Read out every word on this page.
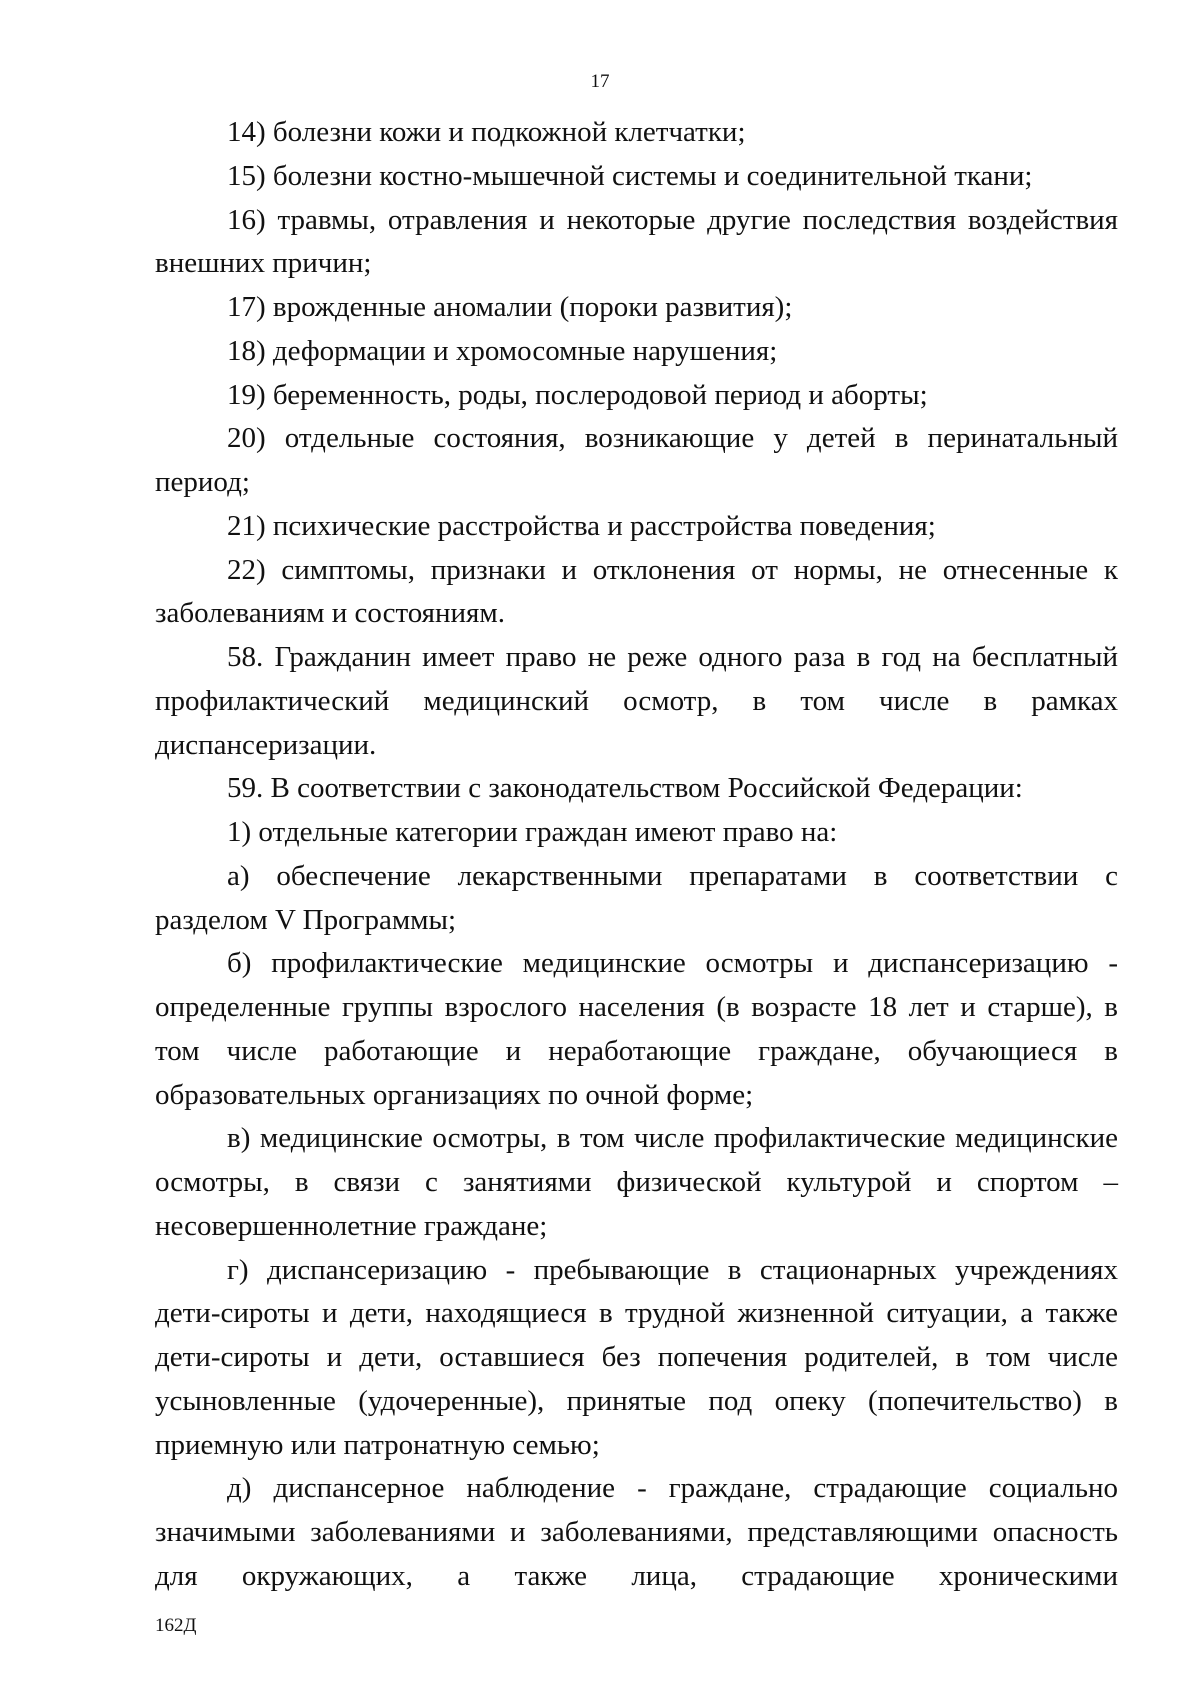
17

14) болезни кожи и подкожной клетчатки;

15) болезни костно-мышечной системы и соединительной ткани;

16) травмы, отравления и некоторые другие последствия воздействия внешних причин;

17) врожденные аномалии (пороки развития);

18) деформации и хромосомные нарушения;

19) беременность, роды, послеродовой период и аборты;

20) отдельные состояния, возникающие у детей в перинатальный период;

21) психические расстройства и расстройства поведения;

22) симптомы, признаки и отклонения от нормы, не отнесенные к заболеваниям и состояниям.

58. Гражданин имеет право не реже одного раза в год на бесплатный профилактический медицинский осмотр, в том числе в рамках диспансеризации.

59. В соответствии с законодательством Российской Федерации:

1) отдельные категории граждан имеют право на:

а) обеспечение лекарственными препаратами в соответствии с разделом V Программы;

б) профилактические медицинские осмотры и диспансеризацию - определенные группы взрослого населения (в возрасте 18 лет и старше), в том числе работающие и неработающие граждане, обучающиеся в образовательных организациях по очной форме;

в) медицинские осмотры, в том числе профилактические медицинские осмотры, в связи с занятиями физической культурой и спортом – несовершеннолетние граждане;

г) диспансеризацию - пребывающие в стационарных учреждениях дети-сироты и дети, находящиеся в трудной жизненной ситуации, а также дети-сироты и дети, оставшиеся без попечения родителей, в том числе усыновленные (удочеренные), принятые под опеку (попечительство) в приемную или патронатную семью;

д) диспансерное наблюдение - граждане, страдающие социально значимыми заболеваниями и заболеваниями, представляющими опасность для окружающих, а также лица, страдающие хроническими

162Д
